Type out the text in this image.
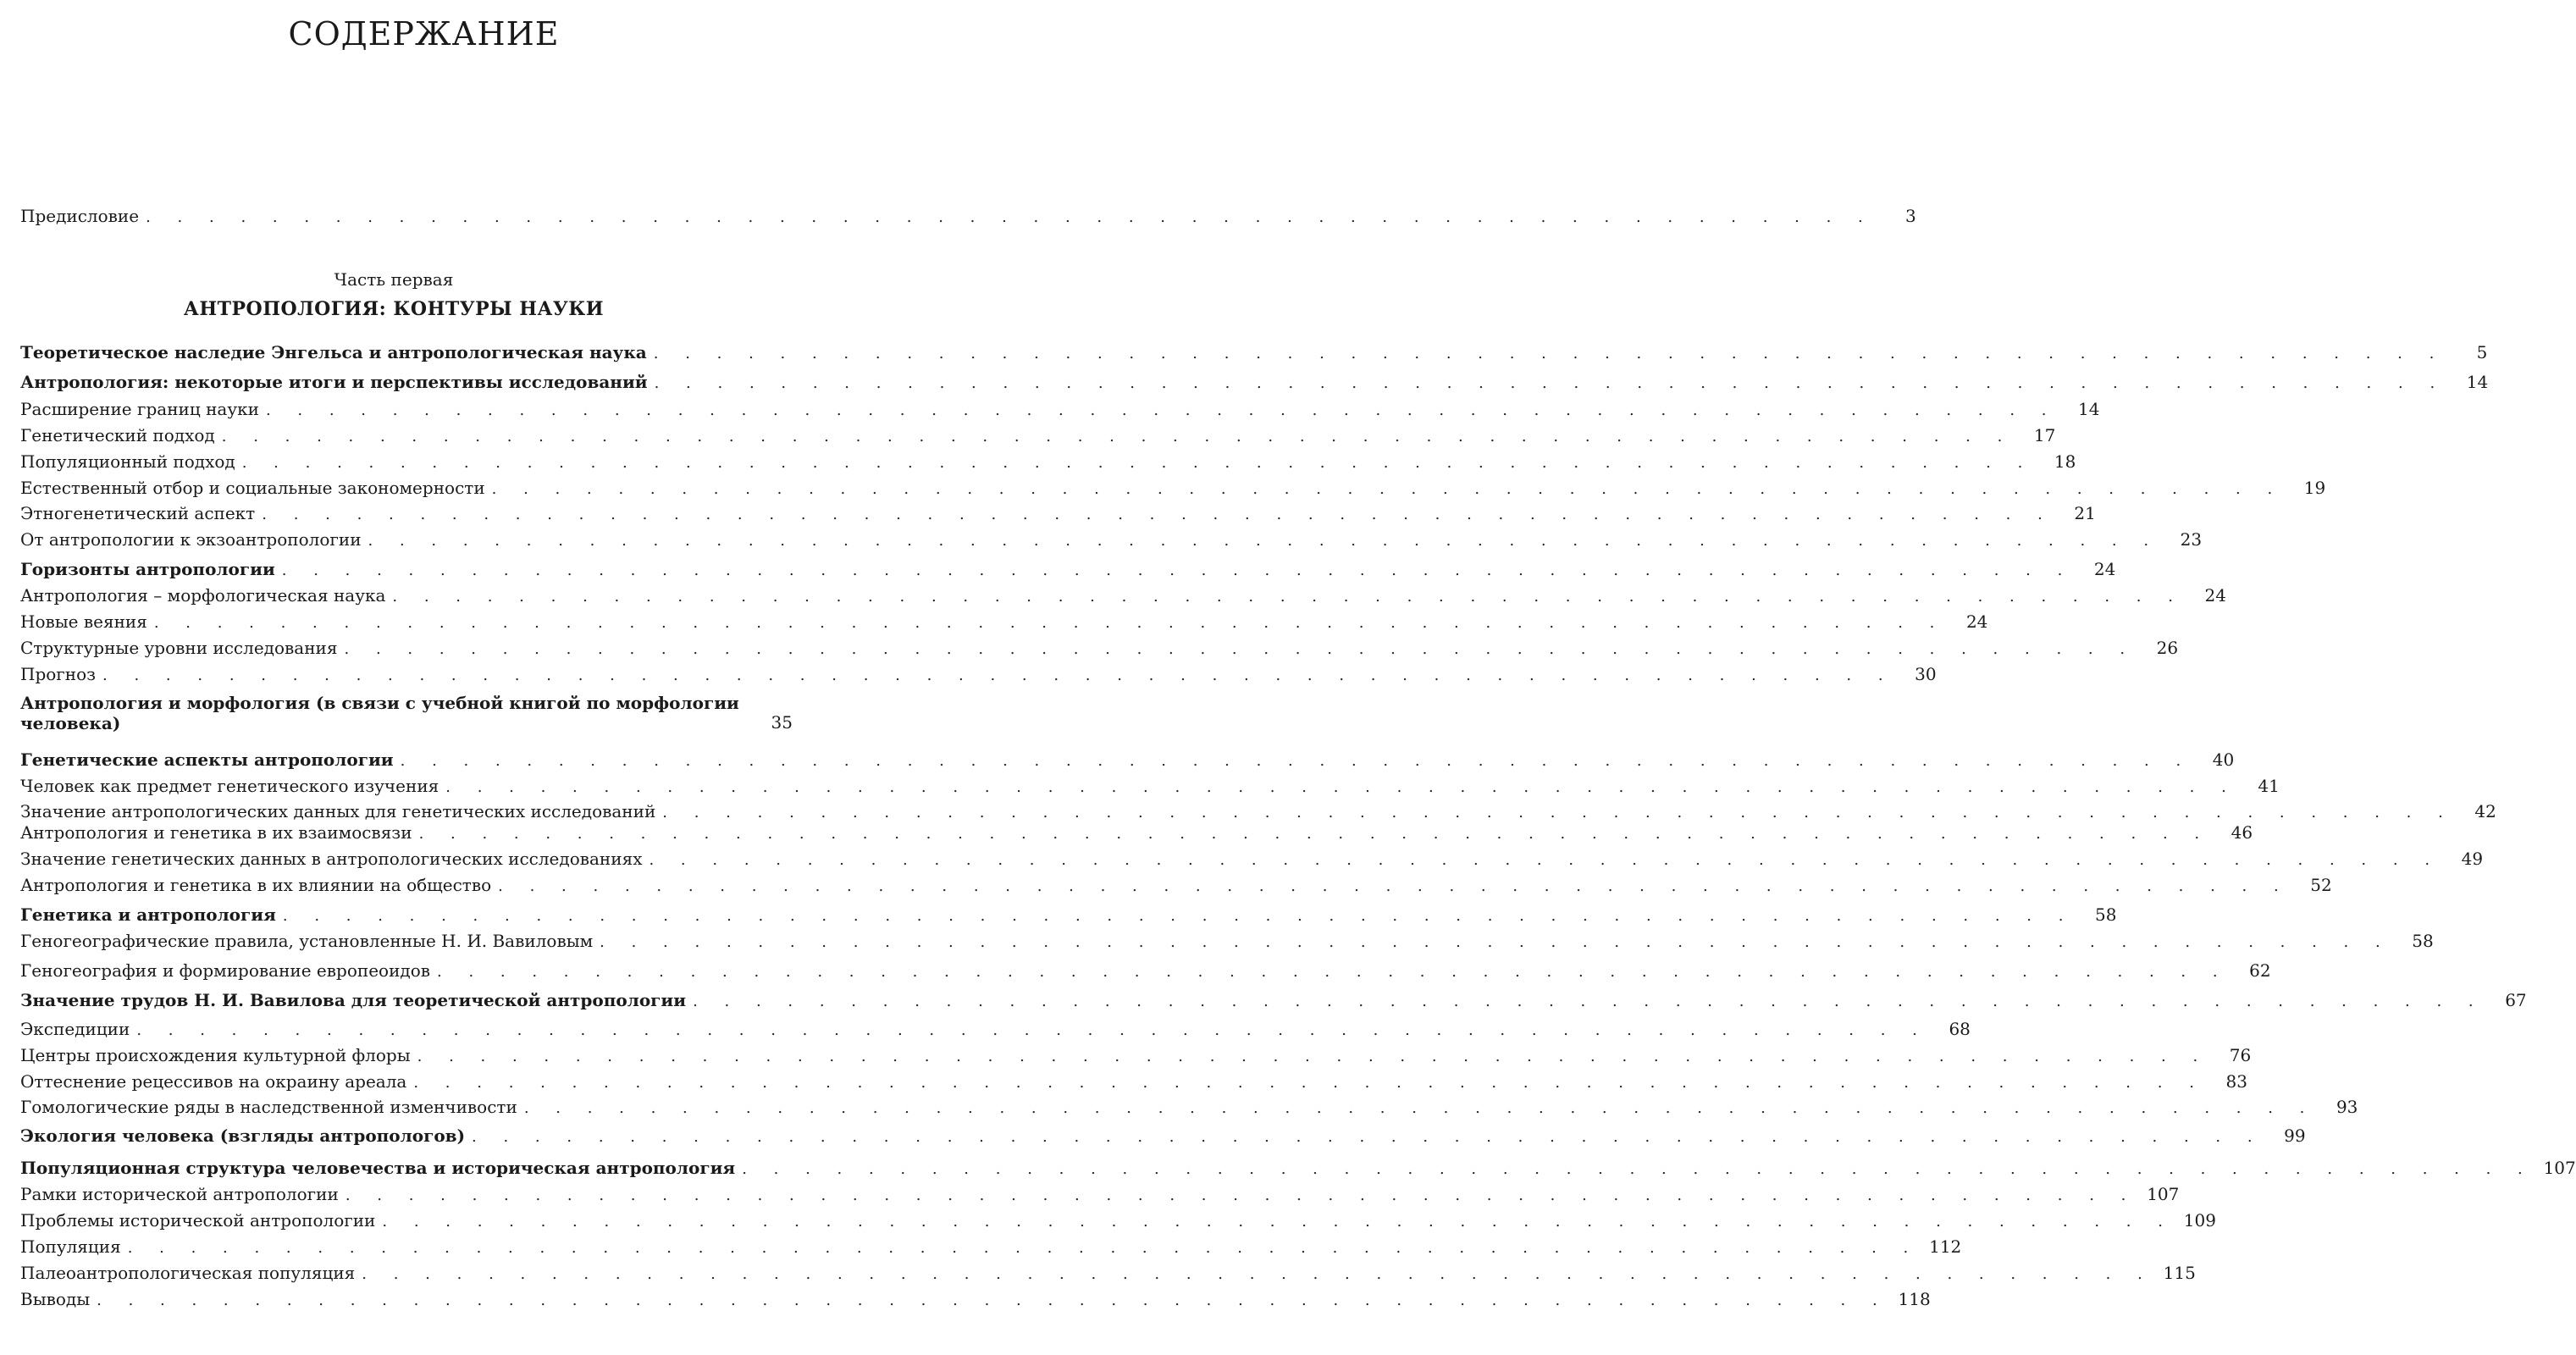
СОДЕРЖАНИЕ
Предисловие . . . . . . . . . . . . . . . . . . . . . . . . . . . . . . . . . . . . . . . . . . . . . . . . . . . . . . .	3
Часть первая
АНТРОПОЛОГИЯ: КОНТУРЫ НАУКИ
Теоретическое наследие Энгельса и антропологическая наука . . . . . . . . . . . . . . . . . . . . . . . . . . . . . . . . . . . . . . . . . . . . . . . . . . . . . . . . .	5
Антропология: некоторые итоги и перспективы исследований . . . . . . . . . . . . . . . . . . . . . . . . . . . . . . . . . . . . . . . . . . . . . . . . . . . . . . . . .	14
Расширение границ науки . . . . . . . . . . . . . . . . . . . . . . . . . . . . . . . . . . . . . . . . . . . . . . . . . . . . . . . . .	14
Генетический подход . . . . . . . . . . . . . . . . . . . . . . . . . . . . . . . . . . . . . . . . . . . . . . . . . . . . . . . . .	17
Популяционный подход . . . . . . . . . . . . . . . . . . . . . . . . . . . . . . . . . . . . . . . . . . . . . . . . . . . . . . . . .	18
Естественный отбор и социальные закономерности . . . . . . . . . . . . . . . . . . . . . . . . . . . . . . . . . . . . . . . . . . . . . . . . . . . . . . . . .	19
Этногенетический аспект . . . . . . . . . . . . . . . . . . . . . . . . . . . . . . . . . . . . . . . . . . . . . . . . . . . . . . . . .	21
От антропологии к экзоантропологии . . . . . . . . . . . . . . . . . . . . . . . . . . . . . . . . . . . . . . . . . . . . . . . . . . . . . . . . .	23
Горизонты антропологии . . . . . . . . . . . . . . . . . . . . . . . . . . . . . . . . . . . . . . . . . . . . . . . . . . . . . . . . .	24
Антропология – морфологическая наука . . . . . . . . . . . . . . . . . . . . . . . . . . . . . . . . . . . . . . . . . . . . . . . . . . . . . . . . .	24
Новые веяния . . . . . . . . . . . . . . . . . . . . . . . . . . . . . . . . . . . . . . . . . . . . . . . . . . . . . . . . .	24
Структурные уровни исследования . . . . . . . . . . . . . . . . . . . . . . . . . . . . . . . . . . . . . . . . . . . . . . . . . . . . . . . . .	26
Прогноз . . . . . . . . . . . . . . . . . . . . . . . . . . . . . . . . . . . . . . . . . . . . . . . . . . . . . . . . .	30
Антропология и морфология (в связи с учебной книгой по морфологии человека)	35
Генетические аспекты антропологии . . . . . . . . . . . . . . . . . . . . . . . . . . . . . . . . . . . . . . . . . . . . . . . . . . . . . . . . .	40
Человек как предмет генетического изучения . . . . . . . . . . . . . . . . . . . . . . . . . . . . . . . . . . . . . . . . . . . . . . . . . . . . . . . . .	41
Значение антропологических данных для генетических исследований . . . . . . . . . . . . . . . . . . . . . . . . . . . . . . . . . . . . . . . . . . . . . . . . . . . . . . . . .	42
Антропология и генетика в их взаимосвязи . . . . . . . . . . . . . . . . . . . . . . . . . . . . . . . . . . . . . . . . . . . . . . . . . . . . . . . . .	46
Значение генетических данных в антропологических исследованиях . . . . . . . . . . . . . . . . . . . . . . . . . . . . . . . . . . . . . . . . . . . . . . . . . . . . . . . . .	49
Антропология и генетика в их влиянии на общество . . . . . . . . . . . . . . . . . . . . . . . . . . . . . . . . . . . . . . . . . . . . . . . . . . . . . . . . .	52
Генетика и антропология . . . . . . . . . . . . . . . . . . . . . . . . . . . . . . . . . . . . . . . . . . . . . . . . . . . . . . . . .	58
Геногеографические правила, установленные Н. И. Вавиловым . . . . . . . . . . . . . . . . . . . . . . . . . . . . . . . . . . . . . . . . . . . . . . . . . . . . . . . . .	58
Геногеография и формирование европеоидов . . . . . . . . . . . . . . . . . . . . . . . . . . . . . . . . . . . . . . . . . . . . . . . . . . . . . . . . .	62
Значение трудов Н. И. Вавилова для теоретической антропологии . . . . . . . . . . . . . . . . . . . . . . . . . . . . . . . . . . . . . . . . . . . . . . . . . . . . . . . . .	67
Экспедиции . . . . . . . . . . . . . . . . . . . . . . . . . . . . . . . . . . . . . . . . . . . . . . . . . . . . . . . . .	68
Центры происхождения культурной флоры . . . . . . . . . . . . . . . . . . . . . . . . . . . . . . . . . . . . . . . . . . . . . . . . . . . . . . . . .	76
Оттеснение рецессивов на окраину ареала . . . . . . . . . . . . . . . . . . . . . . . . . . . . . . . . . . . . . . . . . . . . . . . . . . . . . . . . .	83
Гомологические ряды в наследственной изменчивости . . . . . . . . . . . . . . . . . . . . . . . . . . . . . . . . . . . . . . . . . . . . . . . . . . . . . . . . .	93
Экология человека (взгляды антропологов) . . . . . . . . . . . . . . . . . . . . . . . . . . . . . . . . . . . . . . . . . . . . . . . . . . . . . . . . .	99
Популяционная структура человечества и историческая антропология . . . . . . . . . . . . . . . . . . . . . . . . . . . . . . . . . . . . . . . . . . . . . . . . . . . . . . . . . 107
Рамки исторической антропологии . . . . . . . . . . . . . . . . . . . . . . . . . . . . . . . . . . . . . . . . . . . . . . . . . . . . . . . . . 107
Проблемы исторической антропологии . . . . . . . . . . . . . . . . . . . . . . . . . . . . . . . . . . . . . . . . . . . . . . . . . . . . . . . . . 109
Популяция . . . . . . . . . . . . . . . . . . . . . . . . . . . . . . . . . . . . . . . . . . . . . . . . . . . . . . . . . 112
Палеоантропологическая популяция . . . . . . . . . . . . . . . . . . . . . . . . . . . . . . . . . . . . . . . . . . . . . . . . . . . . . . . . . 115
Выводы . . . . . . . . . . . . . . . . . . . . . . . . . . . . . . . . . . . . . . . . . . . . . . . . . . . . . . . . . 118
